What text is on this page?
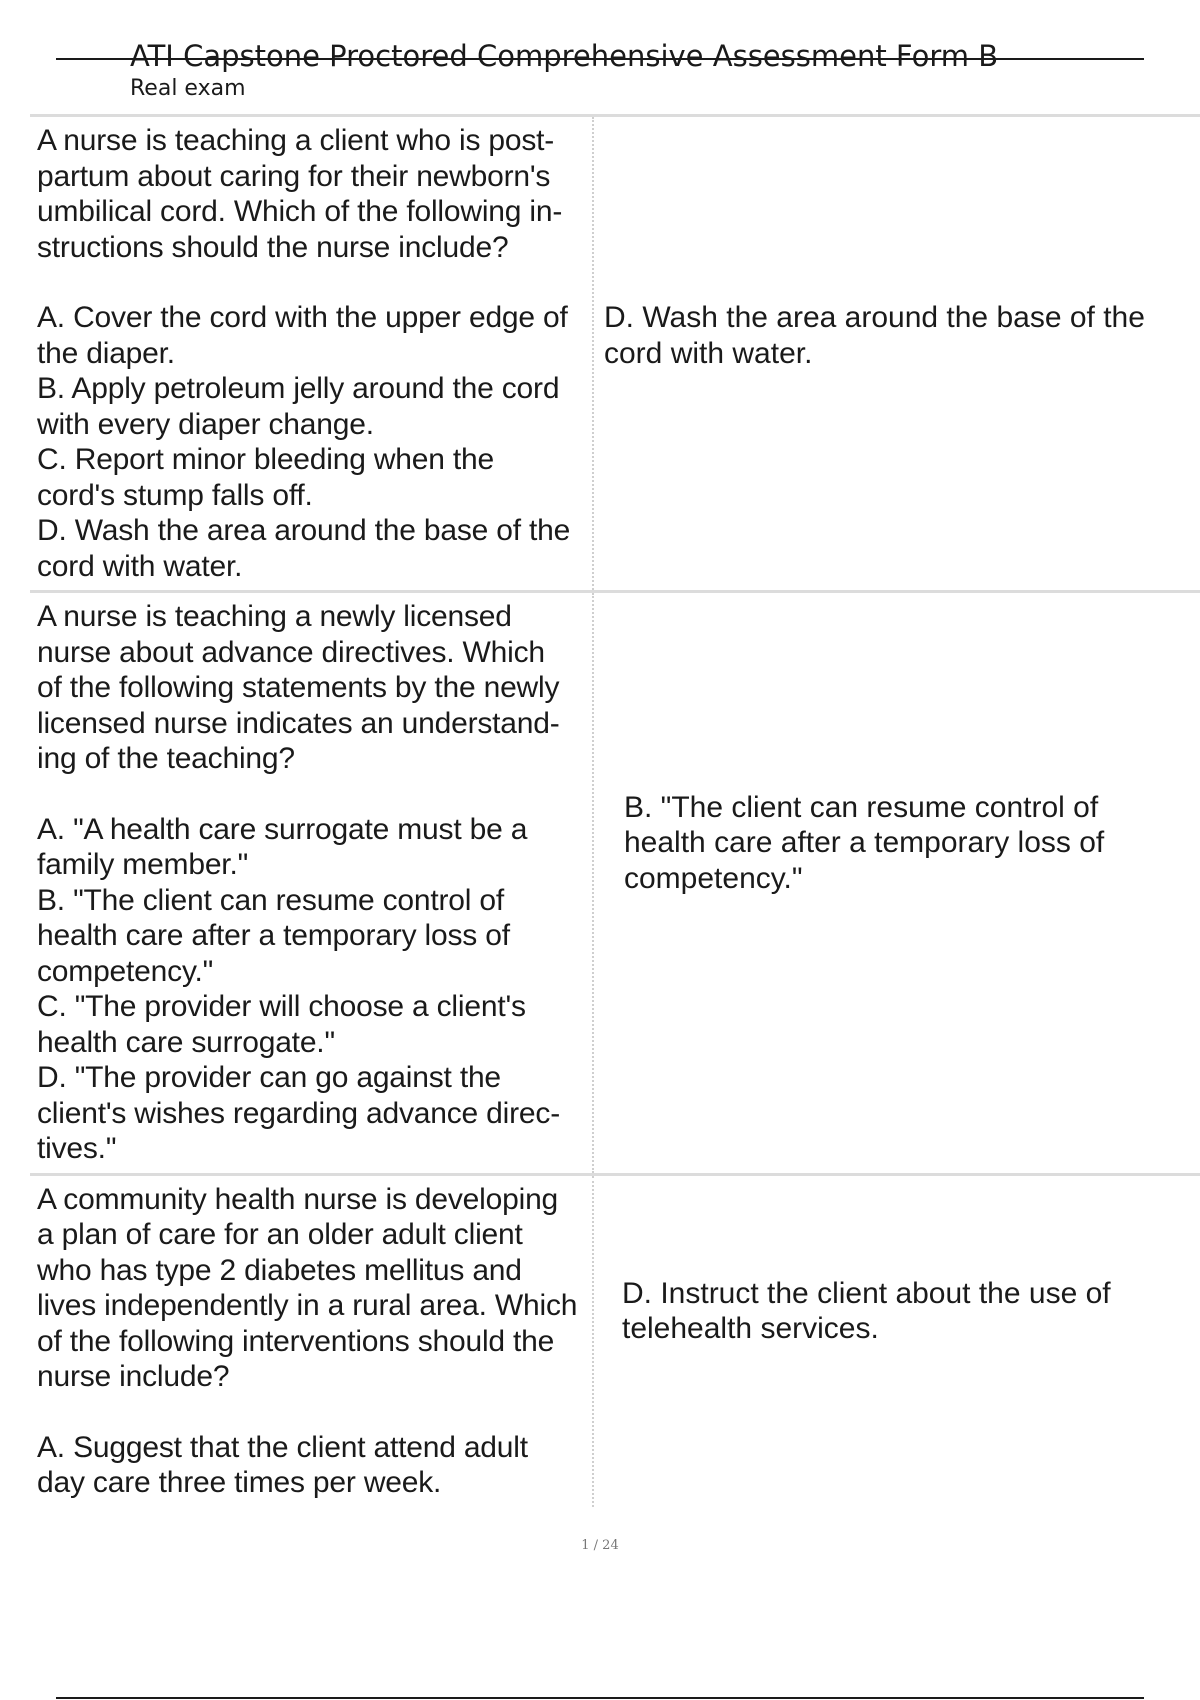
ATI Capstone Proctored Comprehensive Assessment Form B
Real exam
A nurse is teaching a client who is post-
partum about caring for their newborn's
umbilical cord. Which of the following in-
structions should the nurse include?
A. Cover the cord with the upper edge of
the diaper.
B. Apply petroleum jelly around the cord
with every diaper change.
C. Report minor bleeding when the
cord's stump falls off.
D. Wash the area around the base of the
cord with water.
D. Wash the area around the base of the
cord with water.
A nurse is teaching a newly licensed
nurse about advance directives. Which
of the following statements by the newly
licensed nurse indicates an understand-
ing of the teaching?
A. "A health care surrogate must be a
family member."
B. "The client can resume control of
health care after a temporary loss of
competency."
C. "The provider will choose a client's
health care surrogate."
D. "The provider can go against the
client's wishes regarding advance direc-
tives."
B. "The client can resume control of
health care after a temporary loss of
competency."
A community health nurse is developing
a plan of care for an older adult client
who has type 2 diabetes mellitus and
lives independently in a rural area. Which
of the following interventions should the
nurse include?
A. Suggest that the client attend adult
day care three times per week.
D. Instruct the client about the use of
telehealth services.
1 / 24
